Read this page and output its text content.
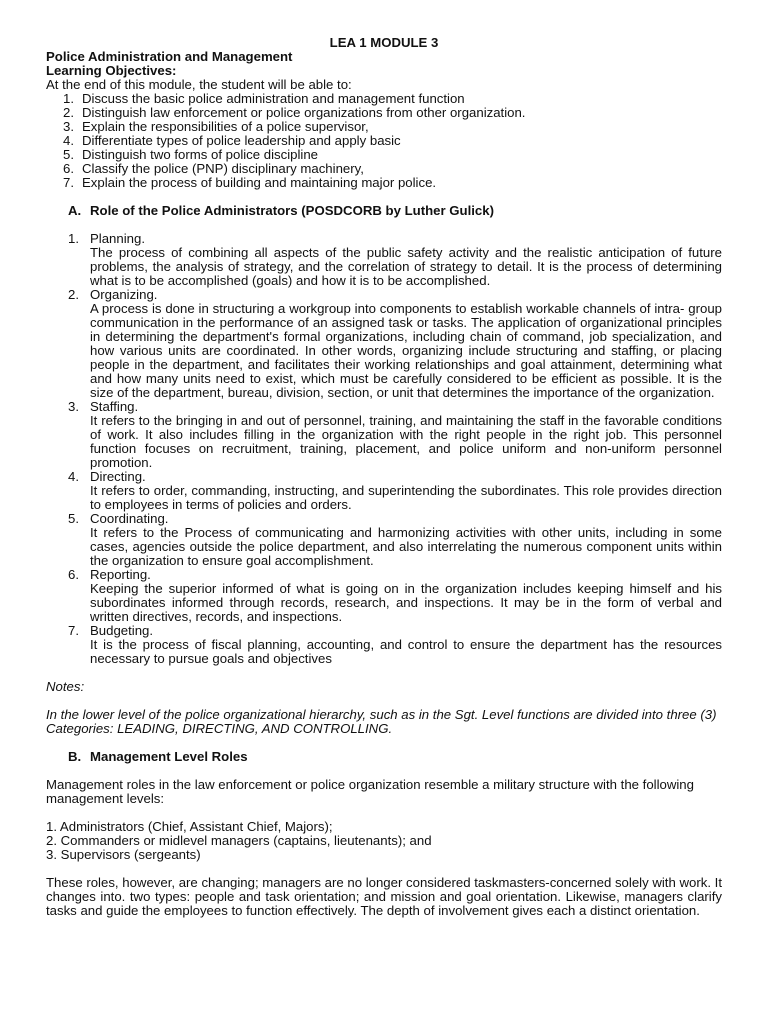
LEA 1 MODULE 3
Police Administration and Management
Learning Objectives:
At the end of this module, the student will be able to:
1. Discuss the basic police administration and management function
2. Distinguish law enforcement or police organizations from other organization.
3. Explain the responsibilities of a police supervisor,
4. Differentiate types of police leadership and apply basic
5. Distinguish two forms of police discipline
6. Classify the police (PNP) disciplinary machinery,
7. Explain the process of building and maintaining major police.
A. Role of the Police Administrators (POSDCORB by Luther Gulick)
1. Planning.
The process of combining all aspects of the public safety activity and the realistic anticipation of future problems, the analysis of strategy, and the correlation of strategy to detail. It is the process of determining what is to be accomplished (goals) and how it is to be accomplished.
2. Organizing.
A process is done in structuring a workgroup into components to establish workable channels of intra- group communication in the performance of an assigned task or tasks. The application of organizational principles in determining the department's formal organizations, including chain of command, job specialization, and how various units are coordinated. In other words, organizing include structuring and staffing, or placing people in the department, and facilitates their working relationships and goal attainment, determining what and how many units need to exist, which must be carefully considered to be efficient as possible. It is the size of the department, bureau, division, section, or unit that determines the importance of the organization.
3. Staffing.
It refers to the bringing in and out of personnel, training, and maintaining the staff in the favorable conditions of work. It also includes filling in the organization with the right people in the right job. This personnel function focuses on recruitment, training, placement, and police uniform and non-uniform personnel promotion.
4. Directing.
It refers to order, commanding, instructing, and superintending the subordinates. This role provides direction to employees in terms of policies and orders.
5. Coordinating.
It refers to the Process of communicating and harmonizing activities with other units, including in some cases, agencies outside the police department, and also interrelating the numerous component units within the organization to ensure goal accomplishment.
6. Reporting.
Keeping the superior informed of what is going on in the organization includes keeping himself and his subordinates informed through records, research, and inspections. It may be in the form of verbal and written directives, records, and inspections.
7. Budgeting.
It is the process of fiscal planning, accounting, and control to ensure the department has the resources necessary to pursue goals and objectives
Notes:
In the lower level of the police organizational hierarchy, such as in the Sgt. Level functions are divided into three (3) Categories: LEADING, DIRECTING, AND CONTROLLING.
B. Management Level Roles
Management roles in the law enforcement or police organization resemble a military structure with the following management levels:
1. Administrators (Chief, Assistant Chief, Majors);
2. Commanders or midlevel managers (captains, lieutenants); and
3. Supervisors (sergeants)
These roles, however, are changing; managers are no longer considered taskmasters-concerned solely with work. It changes into. two types: people and task orientation; and mission and goal orientation. Likewise, managers clarify tasks and guide the employees to function effectively. The depth of involvement gives each a distinct orientation.
